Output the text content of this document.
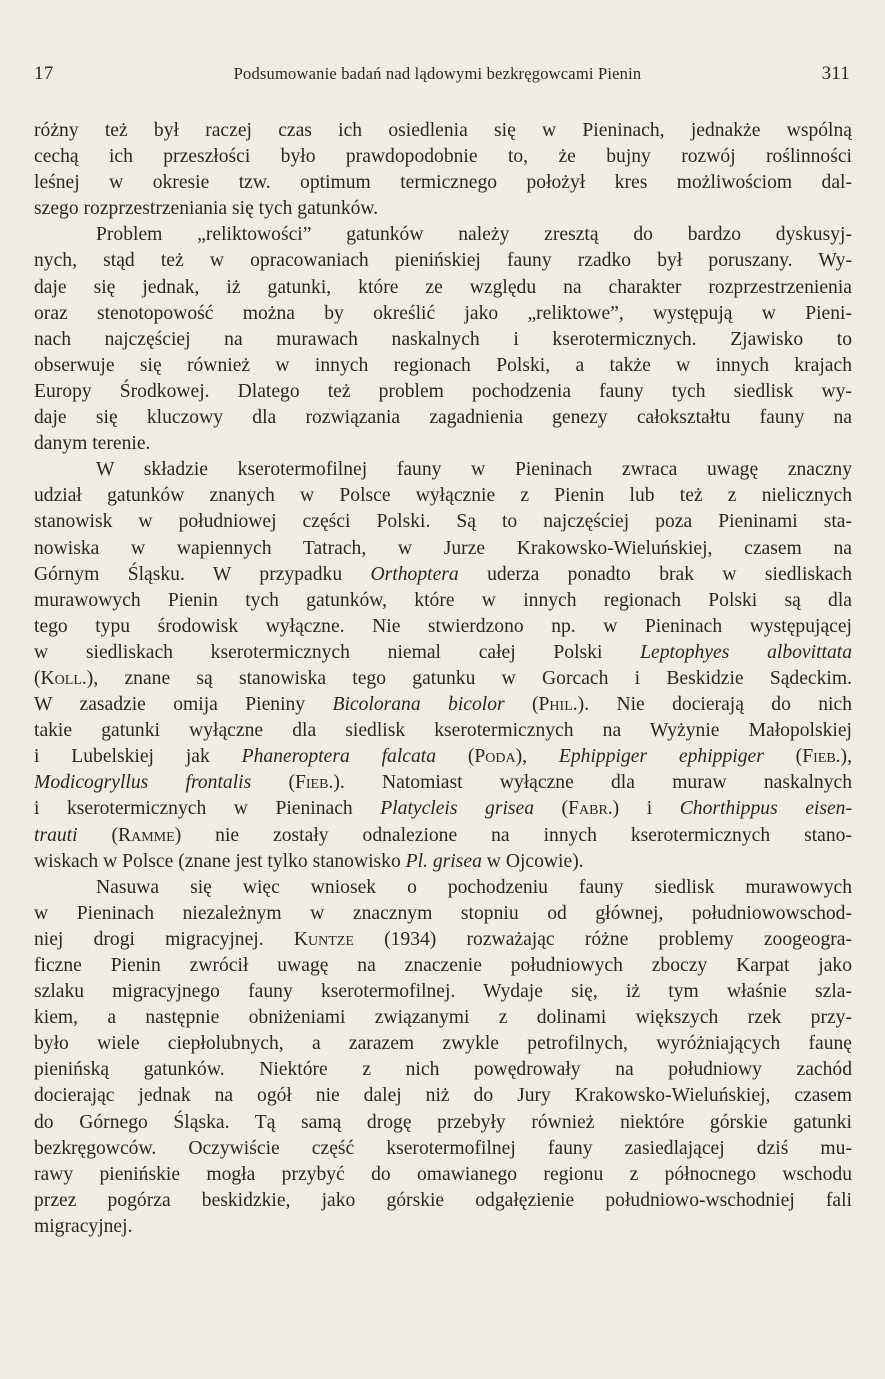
17	Podsumowanie badań nad lądowymi bezkręgowcami Pienin	311
różny też był raczej czas ich osiedlenia się w Pieninach, jednakże wspólną
cechą ich przeszłości było prawdopodobnie to, że bujny rozwój roślinności
leśnej w okresie tzw. optimum termicznego położył kres możliwościom dal-
szego rozprzestrzeniania się tych gatunków.
Problem „reliktowości” gatunków należy zresztą do bardzo dyskusyj-
nych, stąd też w opracowaniach pienińskiej fauny rzadko był poruszany. Wy-
daje się jednak, iż gatunki, które ze względu na charakter rozprzestrzenienia
oraz stenotopowość można by określić jako „reliktowe”, występują w Pieni-
nach najczęściej na murawach naskalnych i kserotermicznych. Zjawisko to
obserwuje się również w innych regionach Polski, a także w innych krajach
Europy Środkowej. Dlatego też problem pochodzenia fauny tych siedlisk wy-
daje się kluczowy dla rozwiązania zagadnienia genezy całokształtu fauny na
danym terenie.
W składzie kserotermofilnej fauny w Pieninach zwraca uwagę znaczny
udział gatunków znanych w Polsce wyłącznie z Pienin lub też z nielicznych
stanowisk w południowej części Polski. Są to najczęściej poza Pieninami sta-
nowiska w wapiennych Tatrach, w Jurze Krakowsko-Wieluńskiej, czasem na
Górnym Śląsku. W przypadku Orthoptera uderza ponadto brak w siedliskach
murawowych Pienin tych gatunków, które w innych regionach Polski są dla
tego typu środowisk wyłączne. Nie stwierdzono np. w Pieninach występującej
w siedliskach kserotermicznych niemal całej Polski Leptophyes albovittata
(Koll.), znane są stanowiska tego gatunku w Gorcach i Beskidzie Sądeckim.
W zasadzie omija Pieniny Bicolorana bicolor (Phil.). Nie docierają do nich
takie gatunki wyłączne dla siedlisk kserotermicznych na Wyżynie Małopolskiej
i Lubelskiej jak Phaneroptera falcata (Poda), Ephippiger ephippiger (Fieb.),
Modicogryllus frontalis (Fieb.). Natomiast wyłączne dla muraw naskalnych
i kserotermicznych w Pieninach Platycleis grisea (Fabr.) i Chorthippus eisen-
trauti (Ramme) nie zostały odnalezione na innych kserotermicznych stano-
wiskach w Polsce (znane jest tylko stanowisko Pl. grisea w Ojcowie).
Nasuwa się więc wniosek o pochodzeniu fauny siedlisk murawowych
w Pieninach niezależnym w znacznym stopniu od głównej, południowowschod-
niej drogi migracyjnej. Kuntze (1934) rozważając różne problemy zoogeogra-
ficzne Pienin zwrócił uwagę na znaczenie południowych zboczy Karpat jako
szlaku migracyjnego fauny kserotermofilnej. Wydaje się, iż tym właśnie szla-
kiem, a następnie obniżeniami związanymi z dolinami większych rzek przy-
było wiele ciepłolubnych, a zarazem zwykle petrofilnych, wyróżniających faunę
pienińską gatunków. Niektóre z nich powędrowały na południowy zachód
docierając jednak na ogół nie dalej niż do Jury Krakowsko-Wieluńskiej, czasem
do Górnego Śląska. Tą samą drogę przebyły również niektóre górskie gatunki
bezkręgowców. Oczywiście część kserotermofilnej fauny zasiedlającej dziś mu-
rawy pienińskie mogła przybyć do omawianego regionu z północnego wschodu
przez pogórza beskidzkie, jako górskie odgałęzienie południowo-wschodniej fali
migracyjnej.
